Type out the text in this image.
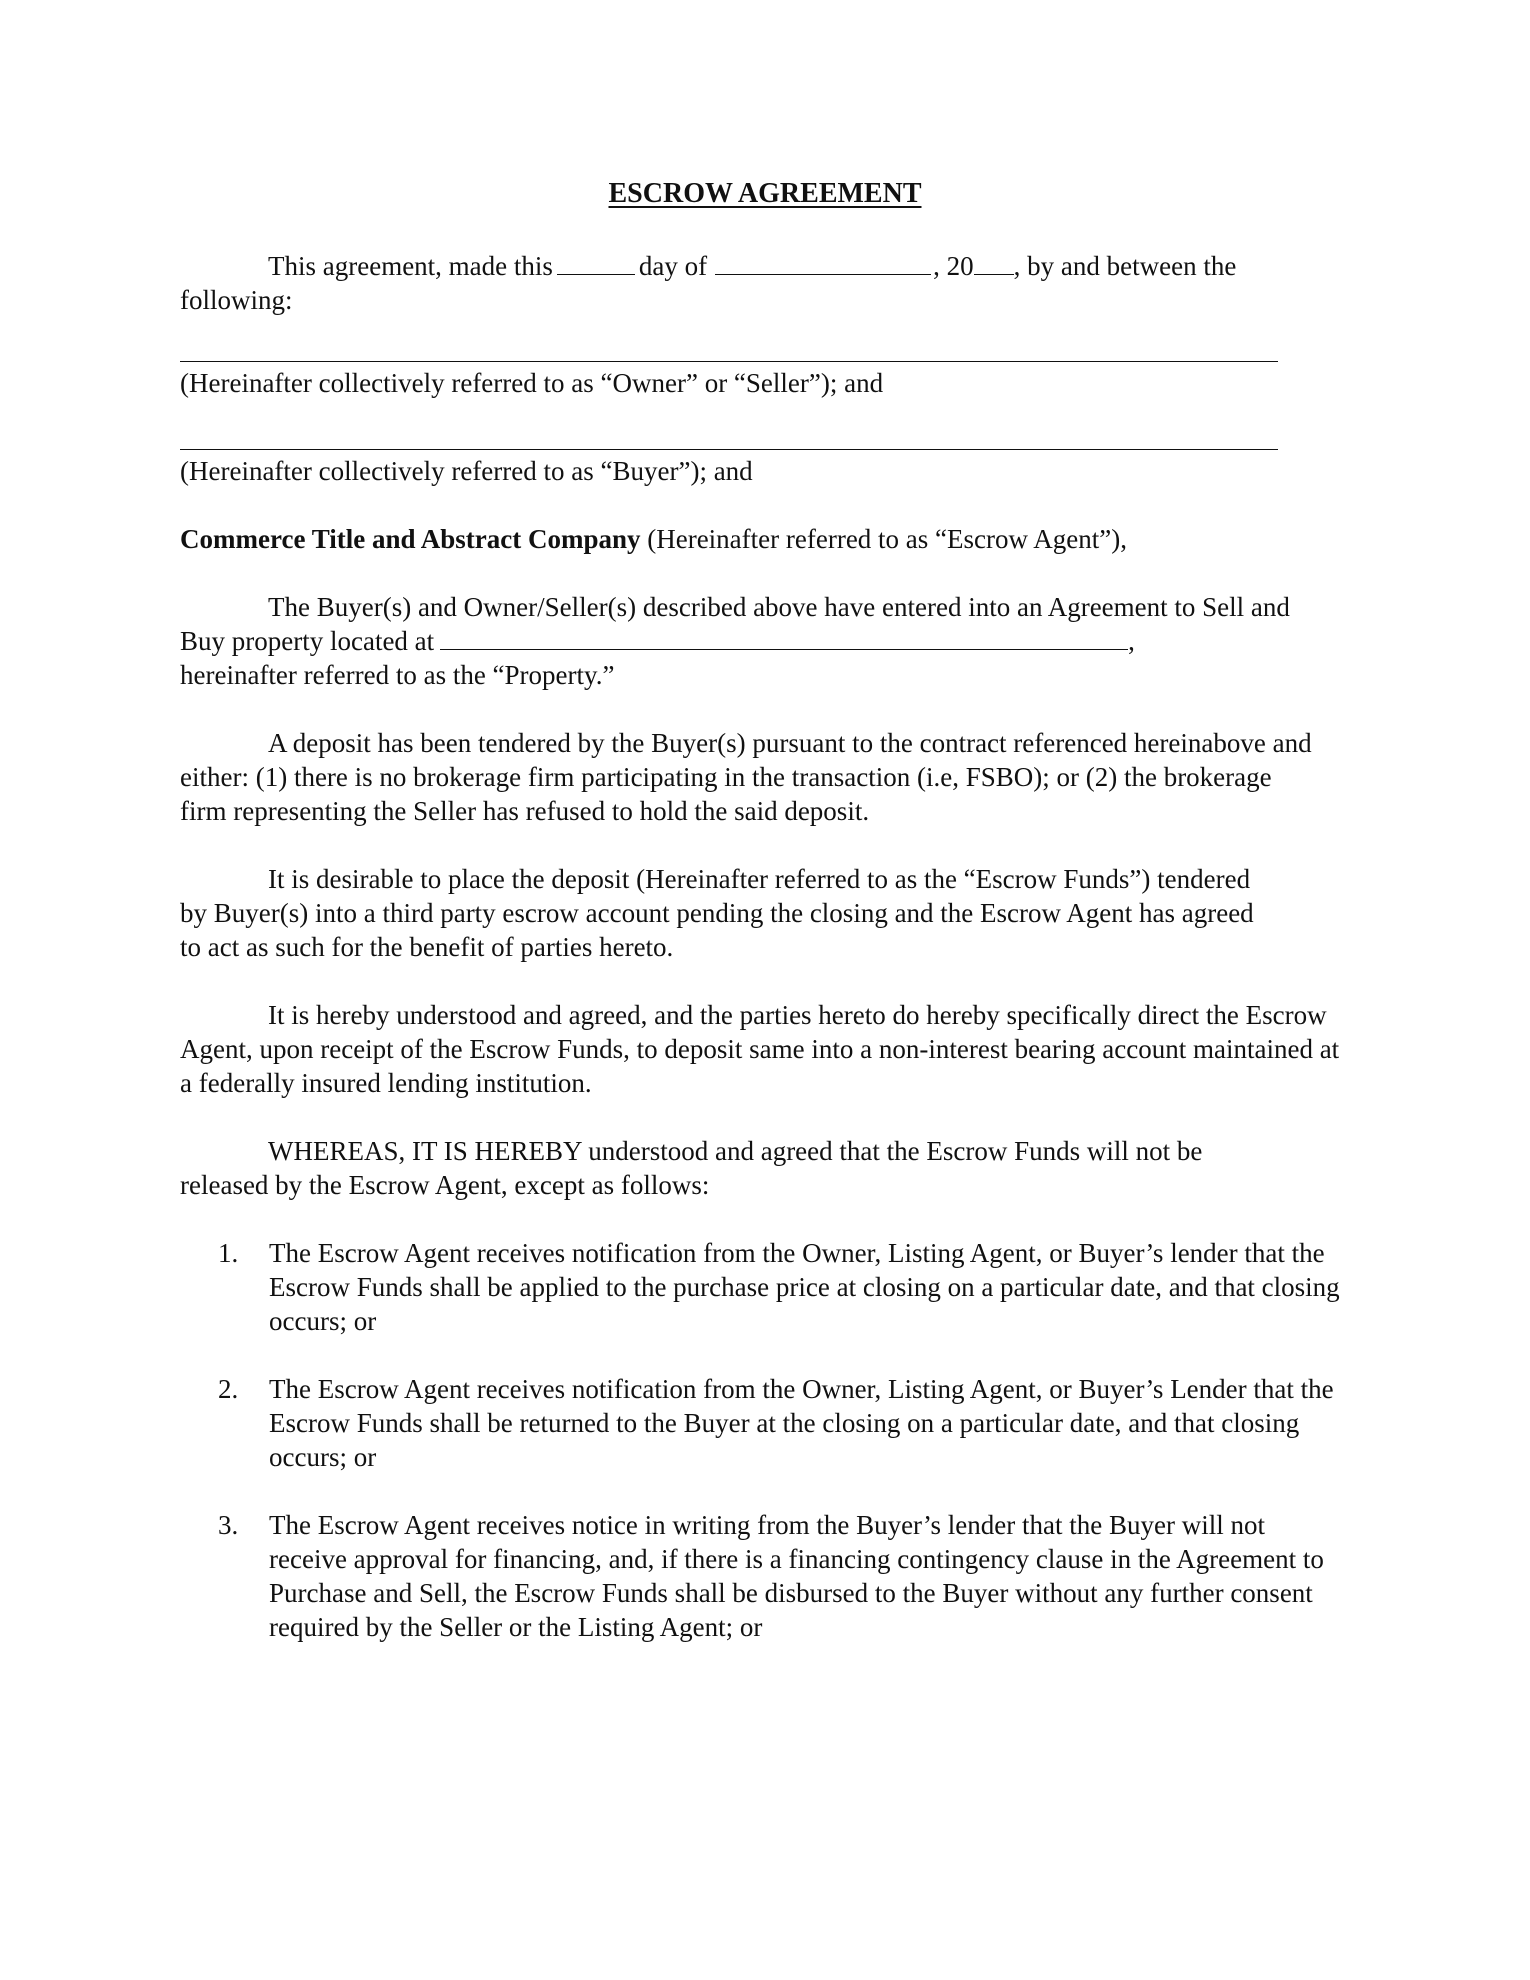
ESCROW AGREEMENT

This agreement, made this	day of	, 20 , by and between the following:

(Hereinafter collectively referred to as “Owner” or “Seller”); and

(Hereinafter collectively referred to as “Buyer”); and

Commerce Title and Abstract Company (Hereinafter referred to as “Escrow Agent”),

The Buyer(s) and Owner/Seller(s) described above have entered into an Agreement to Sell and Buy property located at	,
hereinafter referred to as the “Property.”

A deposit has been tendered by the Buyer(s) pursuant to the contract referenced hereinabove and either: (1) there is no brokerage firm participating in the transaction (i.e, FSBO); or (2) the brokerage firm representing the Seller has refused to hold the said deposit.

It is desirable to place the deposit (Hereinafter referred to as the “Escrow Funds”) tendered by Buyer(s) into a third party escrow account pending the closing and the Escrow Agent has agreed to act as such for the benefit of parties hereto.

It is hereby understood and agreed, and the parties hereto do hereby specifically direct the Escrow Agent, upon receipt of the Escrow Funds, to deposit same into a non-interest bearing account maintained at a federally insured lending institution.

WHEREAS, IT IS HEREBY understood and agreed that the Escrow Funds will not be released by the Escrow Agent, except as follows:

1. The Escrow Agent receives notification from the Owner, Listing Agent, or Buyer’s lender that the Escrow Funds shall be applied to the purchase price at closing on a particular date, and that closing occurs; or
2. The Escrow Agent receives notification from the Owner, Listing Agent, or Buyer’s Lender that the Escrow Funds shall be returned to the Buyer at the closing on a particular date, and that closing occurs; or
3. The Escrow Agent receives notice in writing from the Buyer’s lender that the Buyer will not receive approval for financing, and, if there is a financing contingency clause in the Agreement to Purchase and Sell, the Escrow Funds shall be disbursed to the Buyer without any further consent required by the Seller or the Listing Agent; or
